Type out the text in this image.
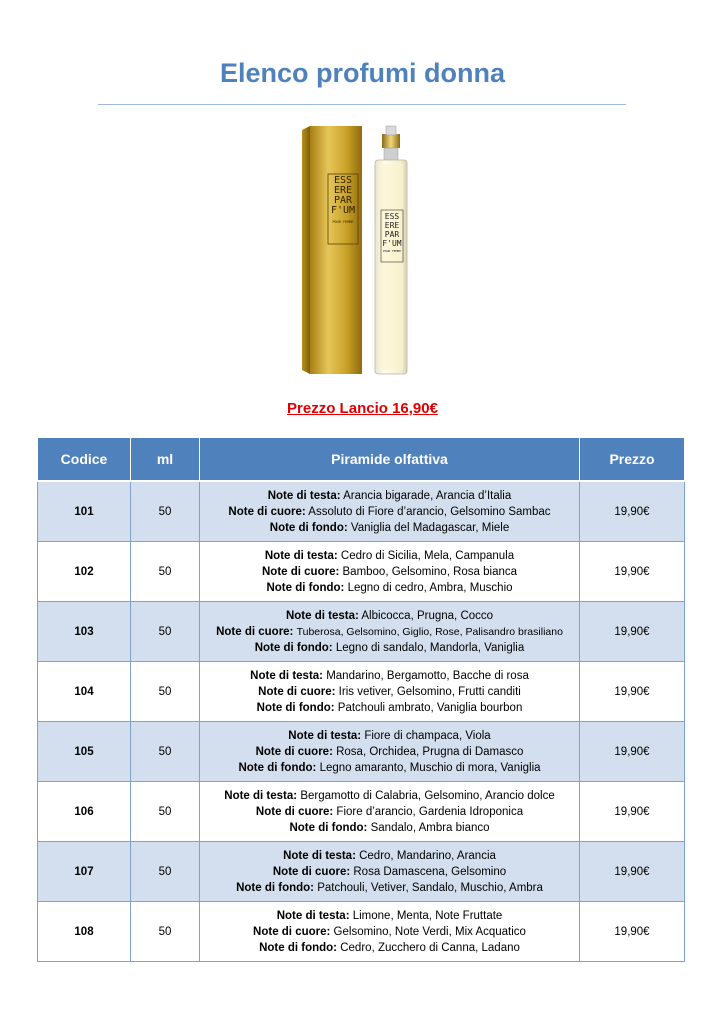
Elenco profumi donna
ESS
ERE
PAR
F'UM
POUR FEMME
ESS
ERE
PAR
F'UM
POUR FEMME
Prezzo Lancio 16,90€
Codice	ml	Piramide olfattiva	Prezzo
101	50	Note di testa: Arancia bigarade, Arancia d’Italia
Note di cuore: Assoluto di Fiore d’arancio, Gelsomino Sambac
Note di fondo: Vaniglia del Madagascar, Miele	19,90€
102	50	Note di testa: Cedro di Sicilia, Mela, Campanula
Note di cuore: Bamboo, Gelsomino, Rosa bianca
Note di fondo: Legno di cedro, Ambra, Muschio	19,90€
103	50	Note di testa: Albicocca, Prugna, Cocco
Note di cuore: Tuberosa, Gelsomino, Giglio, Rose, Palisandro brasiliano
Note di fondo: Legno di sandalo, Mandorla, Vaniglia	19,90€
104	50	Note di testa: Mandarino, Bergamotto, Bacche di rosa
Note di cuore: Iris vetiver, Gelsomino, Frutti canditi
Note di fondo: Patchouli ambrato, Vaniglia bourbon	19,90€
105	50	Note di testa: Fiore di champaca, Viola
Note di cuore: Rosa, Orchidea, Prugna di Damasco
Note di fondo: Legno amaranto, Muschio di mora, Vaniglia	19,90€
106	50	Note di testa: Bergamotto di Calabria, Gelsomino, Arancio dolce
Note di cuore: Fiore d’arancio, Gardenia Idroponica
Note di fondo: Sandalo, Ambra bianco	19,90€
107	50	Note di testa: Cedro, Mandarino, Arancia
Note di cuore: Rosa Damascena, Gelsomino
Note di fondo: Patchouli, Vetiver, Sandalo, Muschio, Ambra	19,90€
108	50	Note di testa: Limone, Menta, Note Fruttate
Note di cuore: Gelsomino, Note Verdi, Mix Acquatico
Note di fondo: Cedro, Zucchero di Canna, Ladano	19,90€
